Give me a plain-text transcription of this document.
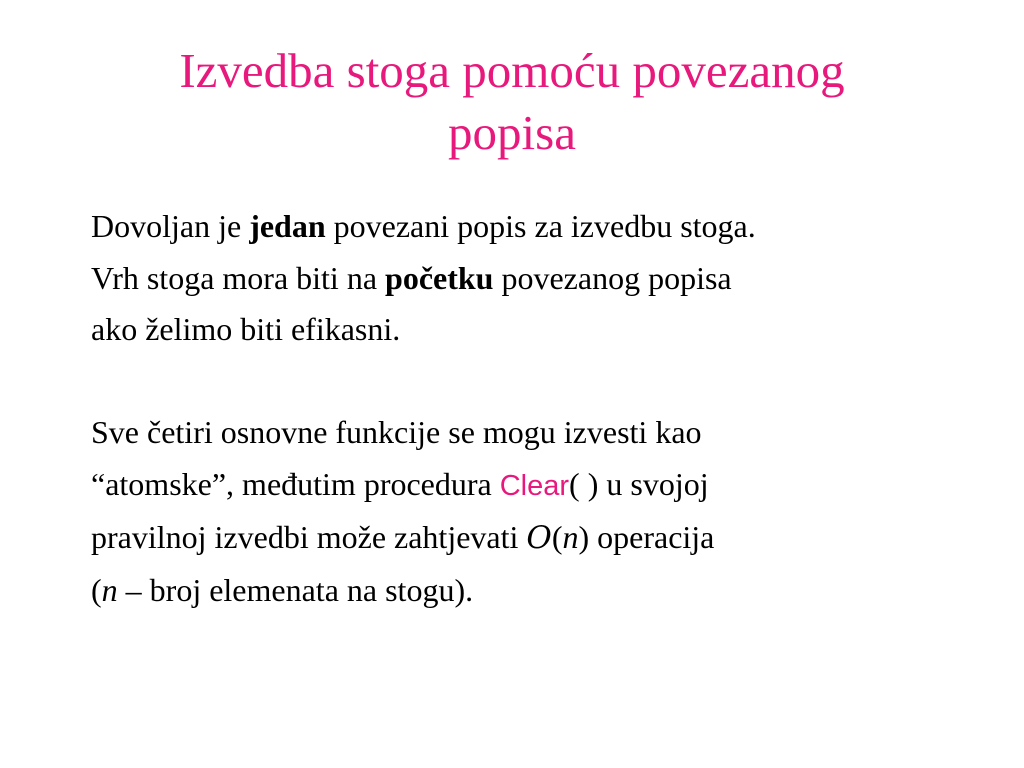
Izvedba stoga pomoću povezanog
popisa

Dovoljan je jedan povezani popis za izvedbu stoga.
Vrh stoga mora biti na početku povezanog popisa
ako želimo biti efikasni.

Sve četiri osnovne funkcije se mogu izvesti kao
“atomske”, međutim procedura Clear( ) u svojoj
pravilnoj izvedbi može zahtjevati O(n) operacija
(n – broj elemenata na stogu).
